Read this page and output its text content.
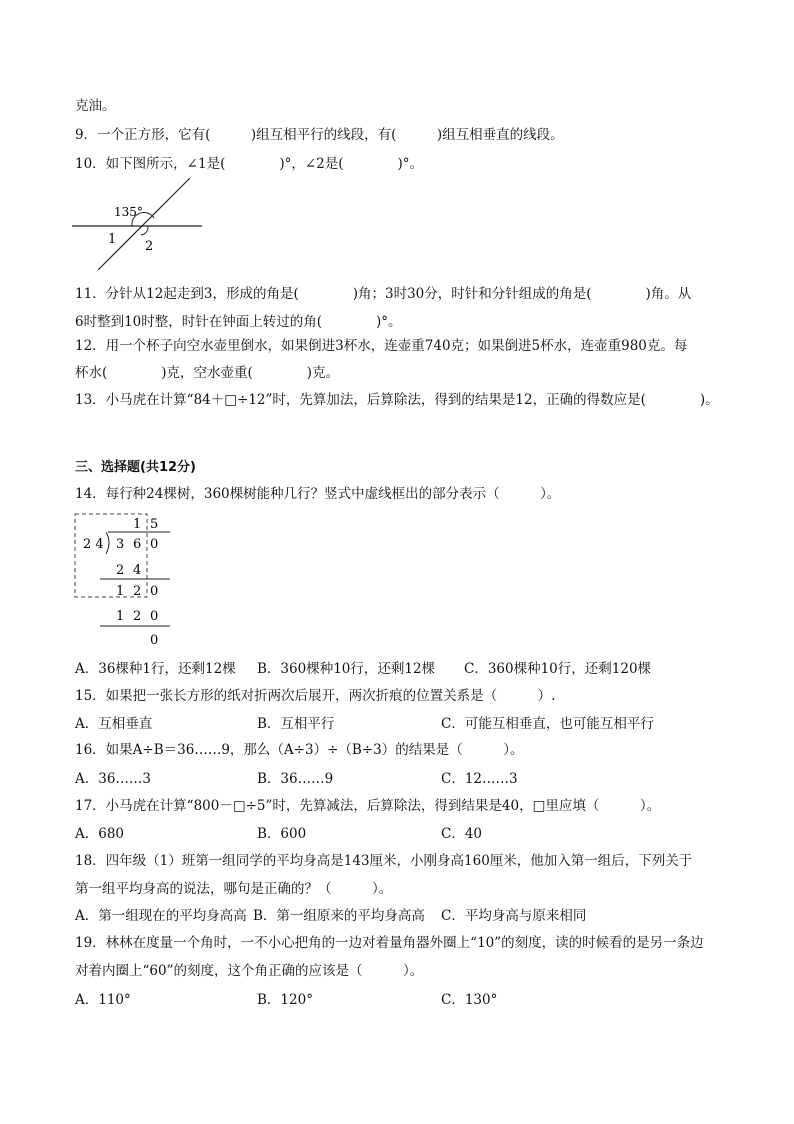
克油。
9．一个正方形，它有(　　　)组互相平行的线段，有(　　　)组互相垂直的线段。
10．如下图所示，∠1是(　　　　)°，∠2是(　　　　)°。
135°
1 2
11．分针从12起走到3，形成的角是(　　　　)角；3时30分，时针和分针组成的角是(　　　　)角。从
6时整到10时整，时针在钟面上转过的角(　　　　)°。
12．用一个杯子向空水壶里倒水，如果倒进3杯水，连壶重740克；如果倒进5杯水，连壶重980克。每
杯水(　　　　)克，空水壶重(　　　　)克。
13．小马虎在计算“84＋□÷12”时，先算加法，后算除法，得到的结果是12，正确的得数应是(　　　　)。
三、选择题(共12分)
14．每行种24棵树，360棵树能种几行？竖式中虚线框出的部分表示（　　　）。
1 5
2 4 3 6 0
2 4
1 2 0
1 2 0
0
A．36棵种1行，还剩12棵 B．360棵种10行，还剩12棵 C．360棵种10行，还剩120棵
15．如果把一张长方形的纸对折两次后展开，两次折痕的位置关系是（　　　）.
A．互相垂直	B．互相平行	C．可能互相垂直，也可能互相平行
16．如果A÷B＝36……9，那么（A÷3）÷（B÷3）的结果是（　　　）。
A．36……3	B．36……9	C．12……3
17．小马虎在计算“800－□÷5”时，先算减法，后算除法，得到结果是40，□里应填（　　　）。
A．680	B．600	C．40
18．四年级（1）班第一组同学的平均身高是143厘米，小刚身高160厘米，他加入第一组后，下列关于
第一组平均身高的说法，哪句是正确的？（　　　）。
A．第一组现在的平均身高高 B．第一组原来的平均身高高 C．平均身高与原来相同
19．林林在度量一个角时，一不小心把角的一边对着量角器外圈上“10”的刻度，读的时候看的是另一条边
对着内圈上“60”的刻度，这个角正确的应该是（　　　）。
A．110°	B．120°	C．130°
